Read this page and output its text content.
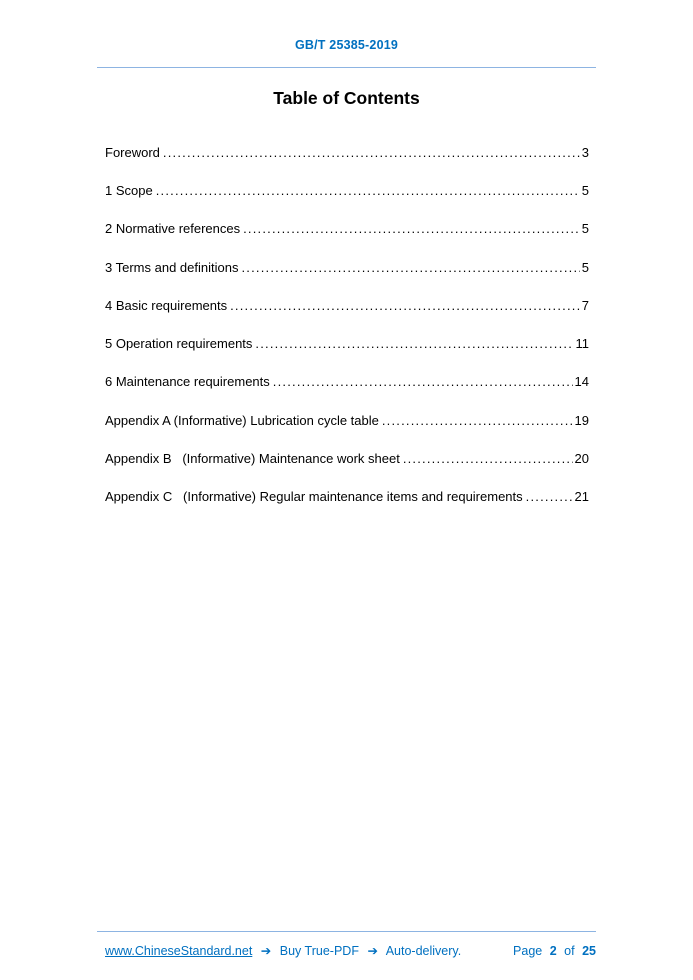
GB/T 25385-2019
Table of Contents
Foreword .....	3
1 Scope .....	5
2 Normative references .....	5
3 Terms and definitions .....	5
4 Basic requirements .....	7
5 Operation requirements .....	11
6 Maintenance requirements .....	14
Appendix A (Informative) Lubrication cycle table .....	19
Appendix B   (Informative) Maintenance work sheet .....	20
Appendix C   (Informative) Regular maintenance items and requirements .....	21
www.ChineseStandard.net ➔ Buy True-PDF ➔ Auto-delivery.	Page 2 of 25
